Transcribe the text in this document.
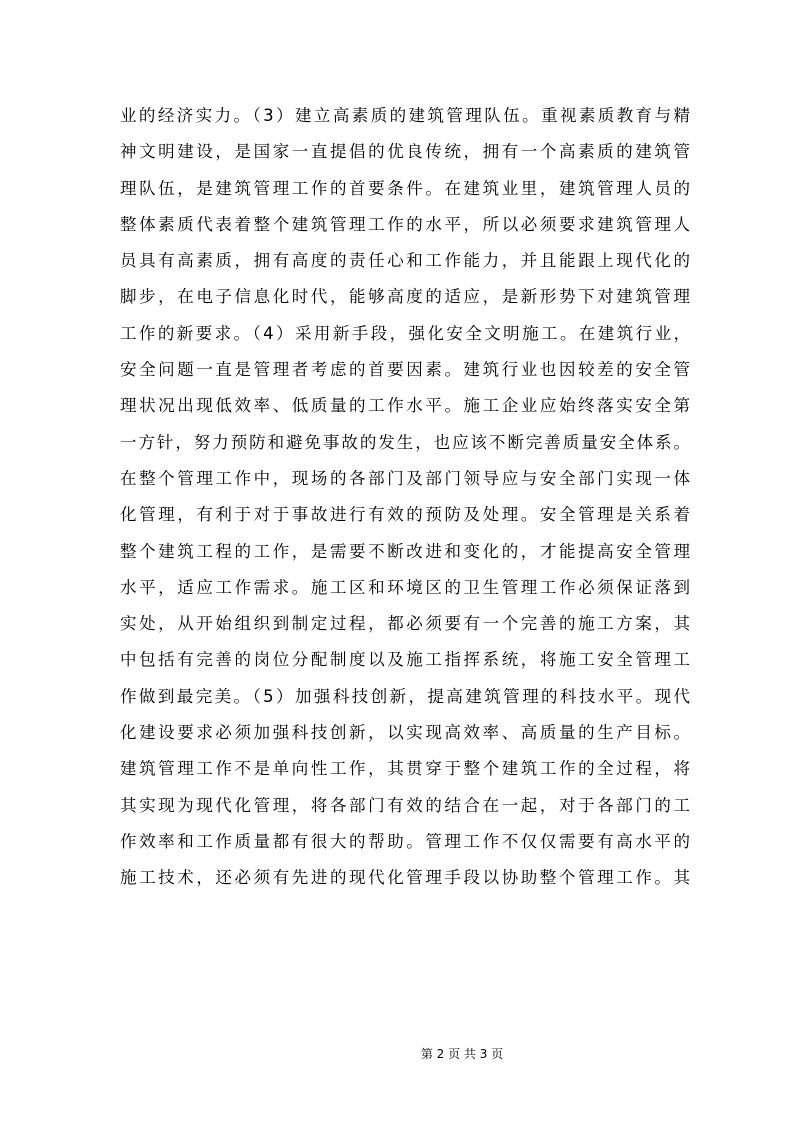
业的经济实力。（3）建立高素质的建筑管理队伍。重视素质教育与精
神文明建设，是国家一直提倡的优良传统，拥有一个高素质的建筑管
理队伍，是建筑管理工作的首要条件。在建筑业里，建筑管理人员的
整体素质代表着整个建筑管理工作的水平，所以必须要求建筑管理人
员具有高素质，拥有高度的责任心和工作能力，并且能跟上现代化的
脚步，在电子信息化时代，能够高度的适应，是新形势下对建筑管理
工作的新要求。（4）采用新手段，强化安全文明施工。在建筑行业，
安全问题一直是管理者考虑的首要因素。建筑行业也因较差的安全管
理状况出现低效率、低质量的工作水平。施工企业应始终落实安全第
一方针，努力预防和避免事故的发生，也应该不断完善质量安全体系。
在整个管理工作中，现场的各部门及部门领导应与安全部门实现一体
化管理，有利于对于事故进行有效的预防及处理。安全管理是关系着
整个建筑工程的工作，是需要不断改进和变化的，才能提高安全管理
水平，适应工作需求。施工区和环境区的卫生管理工作必须保证落到
实处，从开始组织到制定过程，都必须要有一个完善的施工方案，其
中包括有完善的岗位分配制度以及施工指挥系统，将施工安全管理工
作做到最完美。（5）加强科技创新，提高建筑管理的科技水平。现代
化建设要求必须加强科技创新，以实现高效率、高质量的生产目标。
建筑管理工作不是单向性工作，其贯穿于整个建筑工作的全过程，将
其实现为现代化管理，将各部门有效的结合在一起，对于各部门的工
作效率和工作质量都有很大的帮助。管理工作不仅仅需要有高水平的
施工技术，还必须有先进的现代化管理手段以协助整个管理工作。其
第 2 页 共 3 页
